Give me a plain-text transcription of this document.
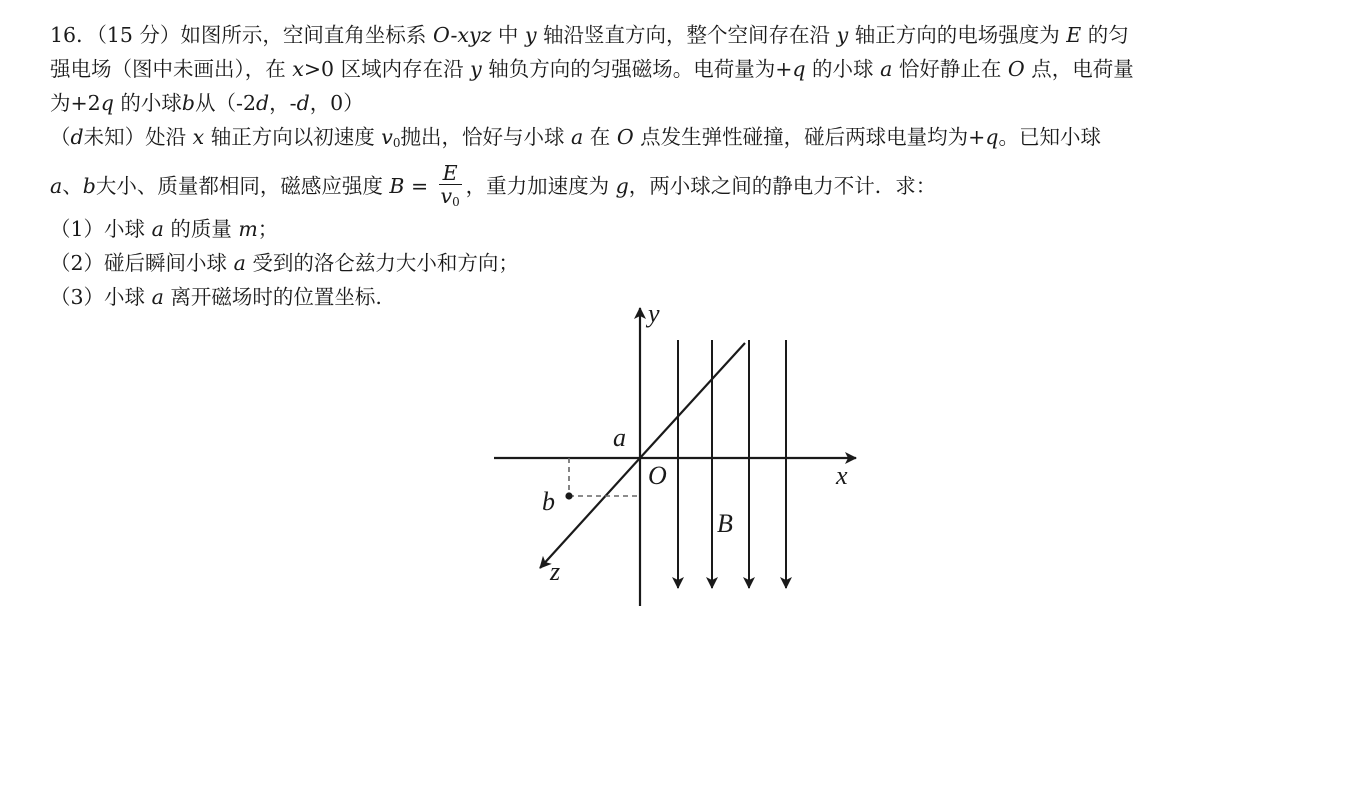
16．（15 分）如图所示，空间直角坐标系 O-xyz 中 y 轴沿竖直方向，整个空间存在沿 y 轴正方向的电场强度为 E 的匀
强电场（图中未画出），在 x>0 区域内存在沿 y 轴负方向的匀强磁场。电荷量为+q 的小球 a 恰好静止在 O 点，电荷量
为+2q 的小球b从（-2d，-d，0）
（d未知）处沿 x 轴正方向以初速度 $v_0$抛出，恰好与小球 a 在 O 点发生弹性碰撞，碰后两球电量均为+q。已知小球
a、b大小、质量都相同，磁感应强度 $B = \frac{E}{v_0}$ ，重力加速度为 g，两小球之间的静电力不计．求：
（1）小球 a 的质量 m；
（2）碰后瞬间小球 a 受到的洛仑兹力大小和方向；
（3）小球 a 离开磁场时的位置坐标.
y
x
z
O
a
b
B
